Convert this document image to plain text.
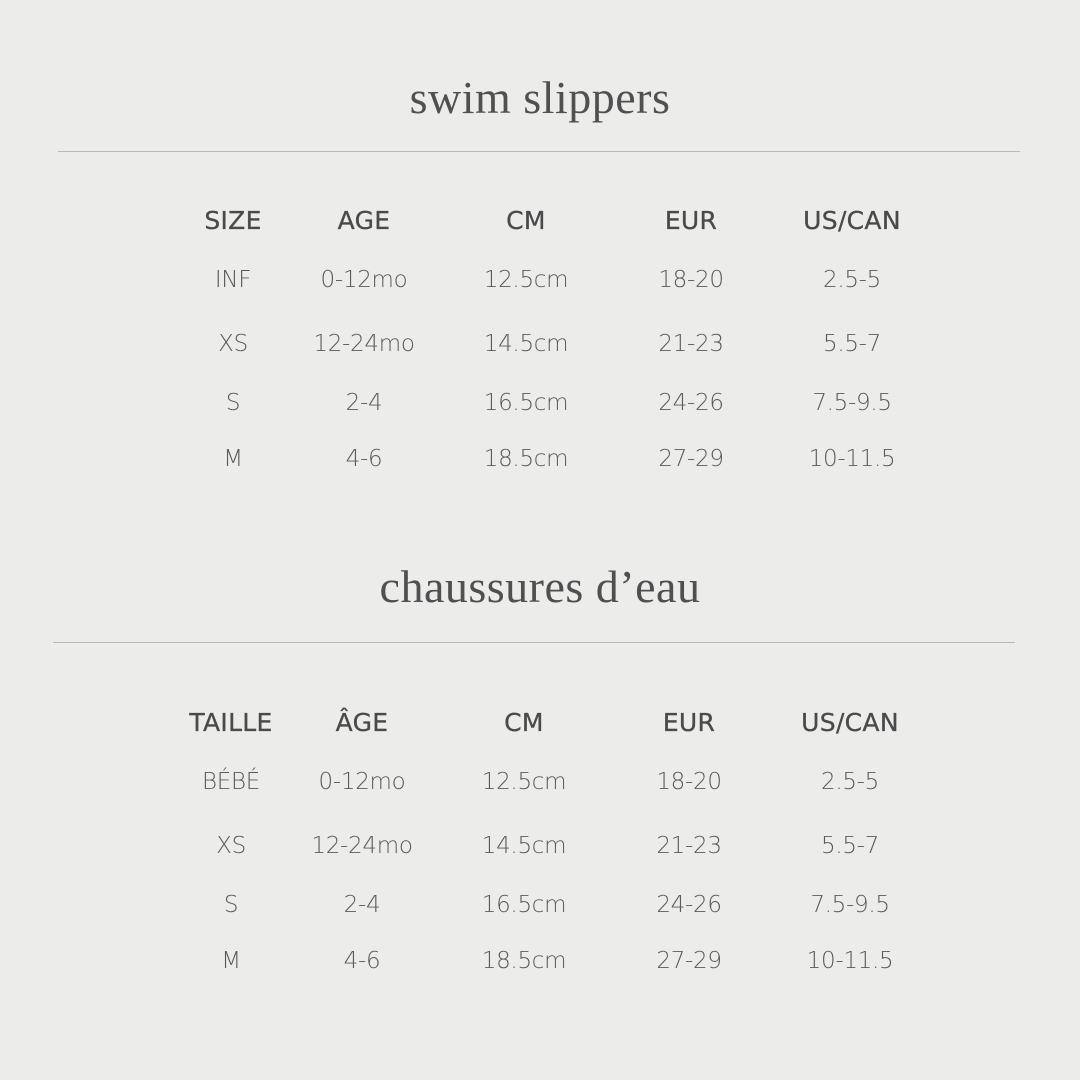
swim slippers
SIZE	AGE	CM	EUR	US/CAN
INF	0-12mo	12.5cm	18-20	2.5-5
XS	12-24mo	14.5cm	21-23	5.5-7
S	2-4	16.5cm	24-26	7.5-9.5
M	4-6	18.5cm	27-29	10-11.5
chaussures d’eau
TAILLE	ÂGE	CM	EUR	US/CAN
BÉBÉ	0-12mo	12.5cm	18-20	2.5-5
XS	12-24mo	14.5cm	21-23	5.5-7
S	2-4	16.5cm	24-26	7.5-9.5
M	4-6	18.5cm	27-29	10-11.5
